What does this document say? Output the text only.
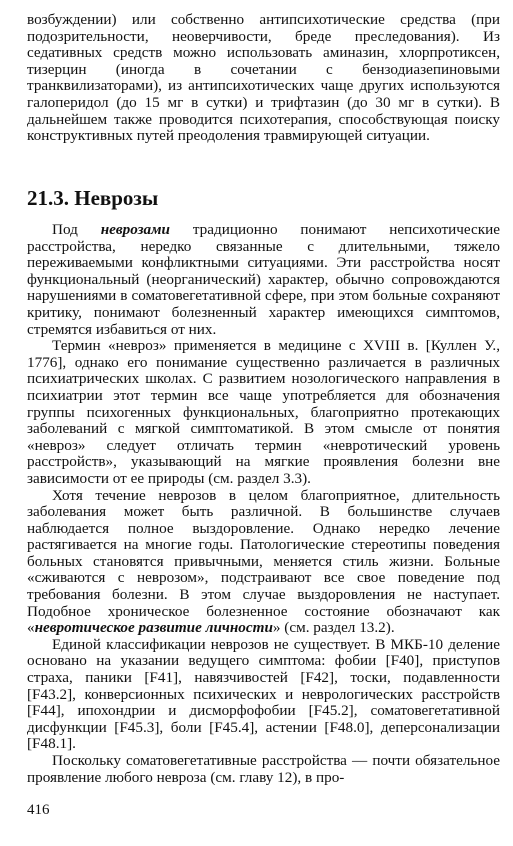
возбуждении) или собственно антипсихотические средства (при подозрительности, неоверчивости, бреде преследования). Из седативных средств можно использовать аминазин, хлорпротиксен, тизерцин (иногда в сочетании с бензодиазепиновыми транквилизаторами), из антипсихотических чаще других используются галоперидол (до 15 мг в сутки) и трифтазин (до 30 мг в сутки). В дальнейшем также проводится психотерапия, способствующая поиску конструктивных путей преодоления травмирующей ситуации.

21.3. Неврозы

Под неврозами традиционно понимают непсихотические расстройства, нередко связанные с длительными, тяжело переживаемыми конфликтными ситуациями. Эти расстройства носят функциональный (неорганический) характер, обычно сопровождаются нарушениями в соматовегетативной сфере, при этом больные сохраняют критику, понимают болезненный характер имеющихся симптомов, стремятся избавиться от них.

Термин «невроз» применяется в медицине с XVIII в. [Куллен У., 1776], однако его понимание существенно различается в различных психиатрических школах. С развитием нозологического направления в психиатрии этот термин все чаще употребляется для обозначения группы психогенных функциональных, благоприятно протекающих заболеваний с мягкой симптоматикой. В этом смысле от понятия «невроз» следует отличать термин «невротический уровень расстройств», указывающий на мягкие проявления болезни вне зависимости от ее природы (см. раздел 3.3).

Хотя течение неврозов в целом благоприятное, длительность заболевания может быть различной. В большинстве случаев наблюдается полное выздоровление. Однако нередко лечение растягивается на многие годы. Патологические стереотипы поведения больных становятся привычными, меняется стиль жизни. Больные «сживаются с неврозом», подстраивают все свое поведение под требования болезни. В этом случае выздоровления не наступает. Подобное хроническое болезненное состояние обозначают как «невротическое развитие личности» (см. раздел 13.2).

Единой классификации неврозов не существует. В МКБ-10 деление основано на указании ведущего симптома: фобии [F40], приступов страха, паники [F41], навязчивостей [F42], тоски, подавленности [F43.2], конверсионных психических и неврологических расстройств [F44], ипохондрии и дисморфофобии [F45.2], соматовегетативной дисфункции [F45.3], боли [F45.4], астении [F48.0], деперсонализации [F48.1].

Поскольку соматовегетативные расстройства — почти обязательное проявление любого невроза (см. главу 12), в про-

416
